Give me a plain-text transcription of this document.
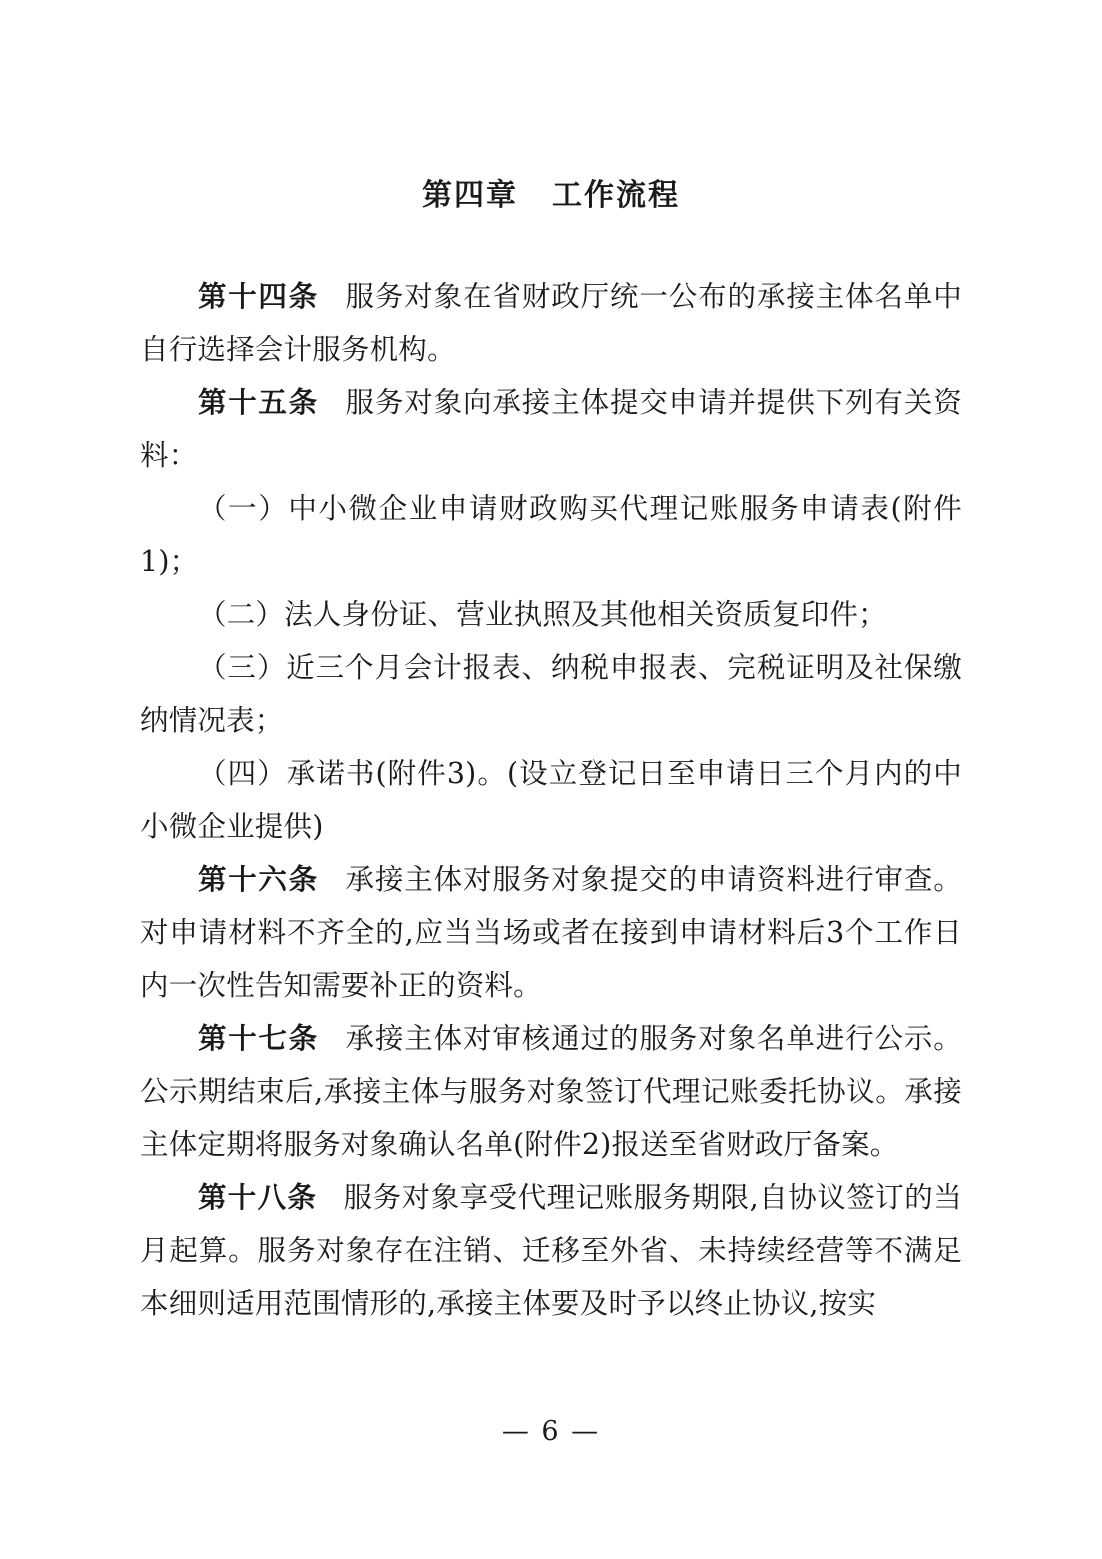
第四章 工作流程

第十四条 服务对象在省财政厅统一公布的承接主体名单中自行选择会计服务机构。

第十五条 服务对象向承接主体提交申请并提供下列有关资料：

（一）中小微企业申请财政购买代理记账服务申请表(附件1)；

（二）法人身份证、营业执照及其他相关资质复印件；

（三）近三个月会计报表、纳税申报表、完税证明及社保缴纳情况表；

（四）承诺书(附件3)。(设立登记日至申请日三个月内的中小微企业提供)

第十六条 承接主体对服务对象提交的申请资料进行审查。对申请材料不齐全的,应当当场或者在接到申请材料后3个工作日内一次性告知需要补正的资料。

第十七条 承接主体对审核通过的服务对象名单进行公示。公示期结束后,承接主体与服务对象签订代理记账委托协议。承接主体定期将服务对象确认名单(附件2)报送至省财政厅备案。

第十八条 服务对象享受代理记账服务期限,自协议签订的当月起算。服务对象存在注销、迁移至外省、未持续经营等不满足本细则适用范围情形的,承接主体要及时予以终止协议,按实

— 6 —
